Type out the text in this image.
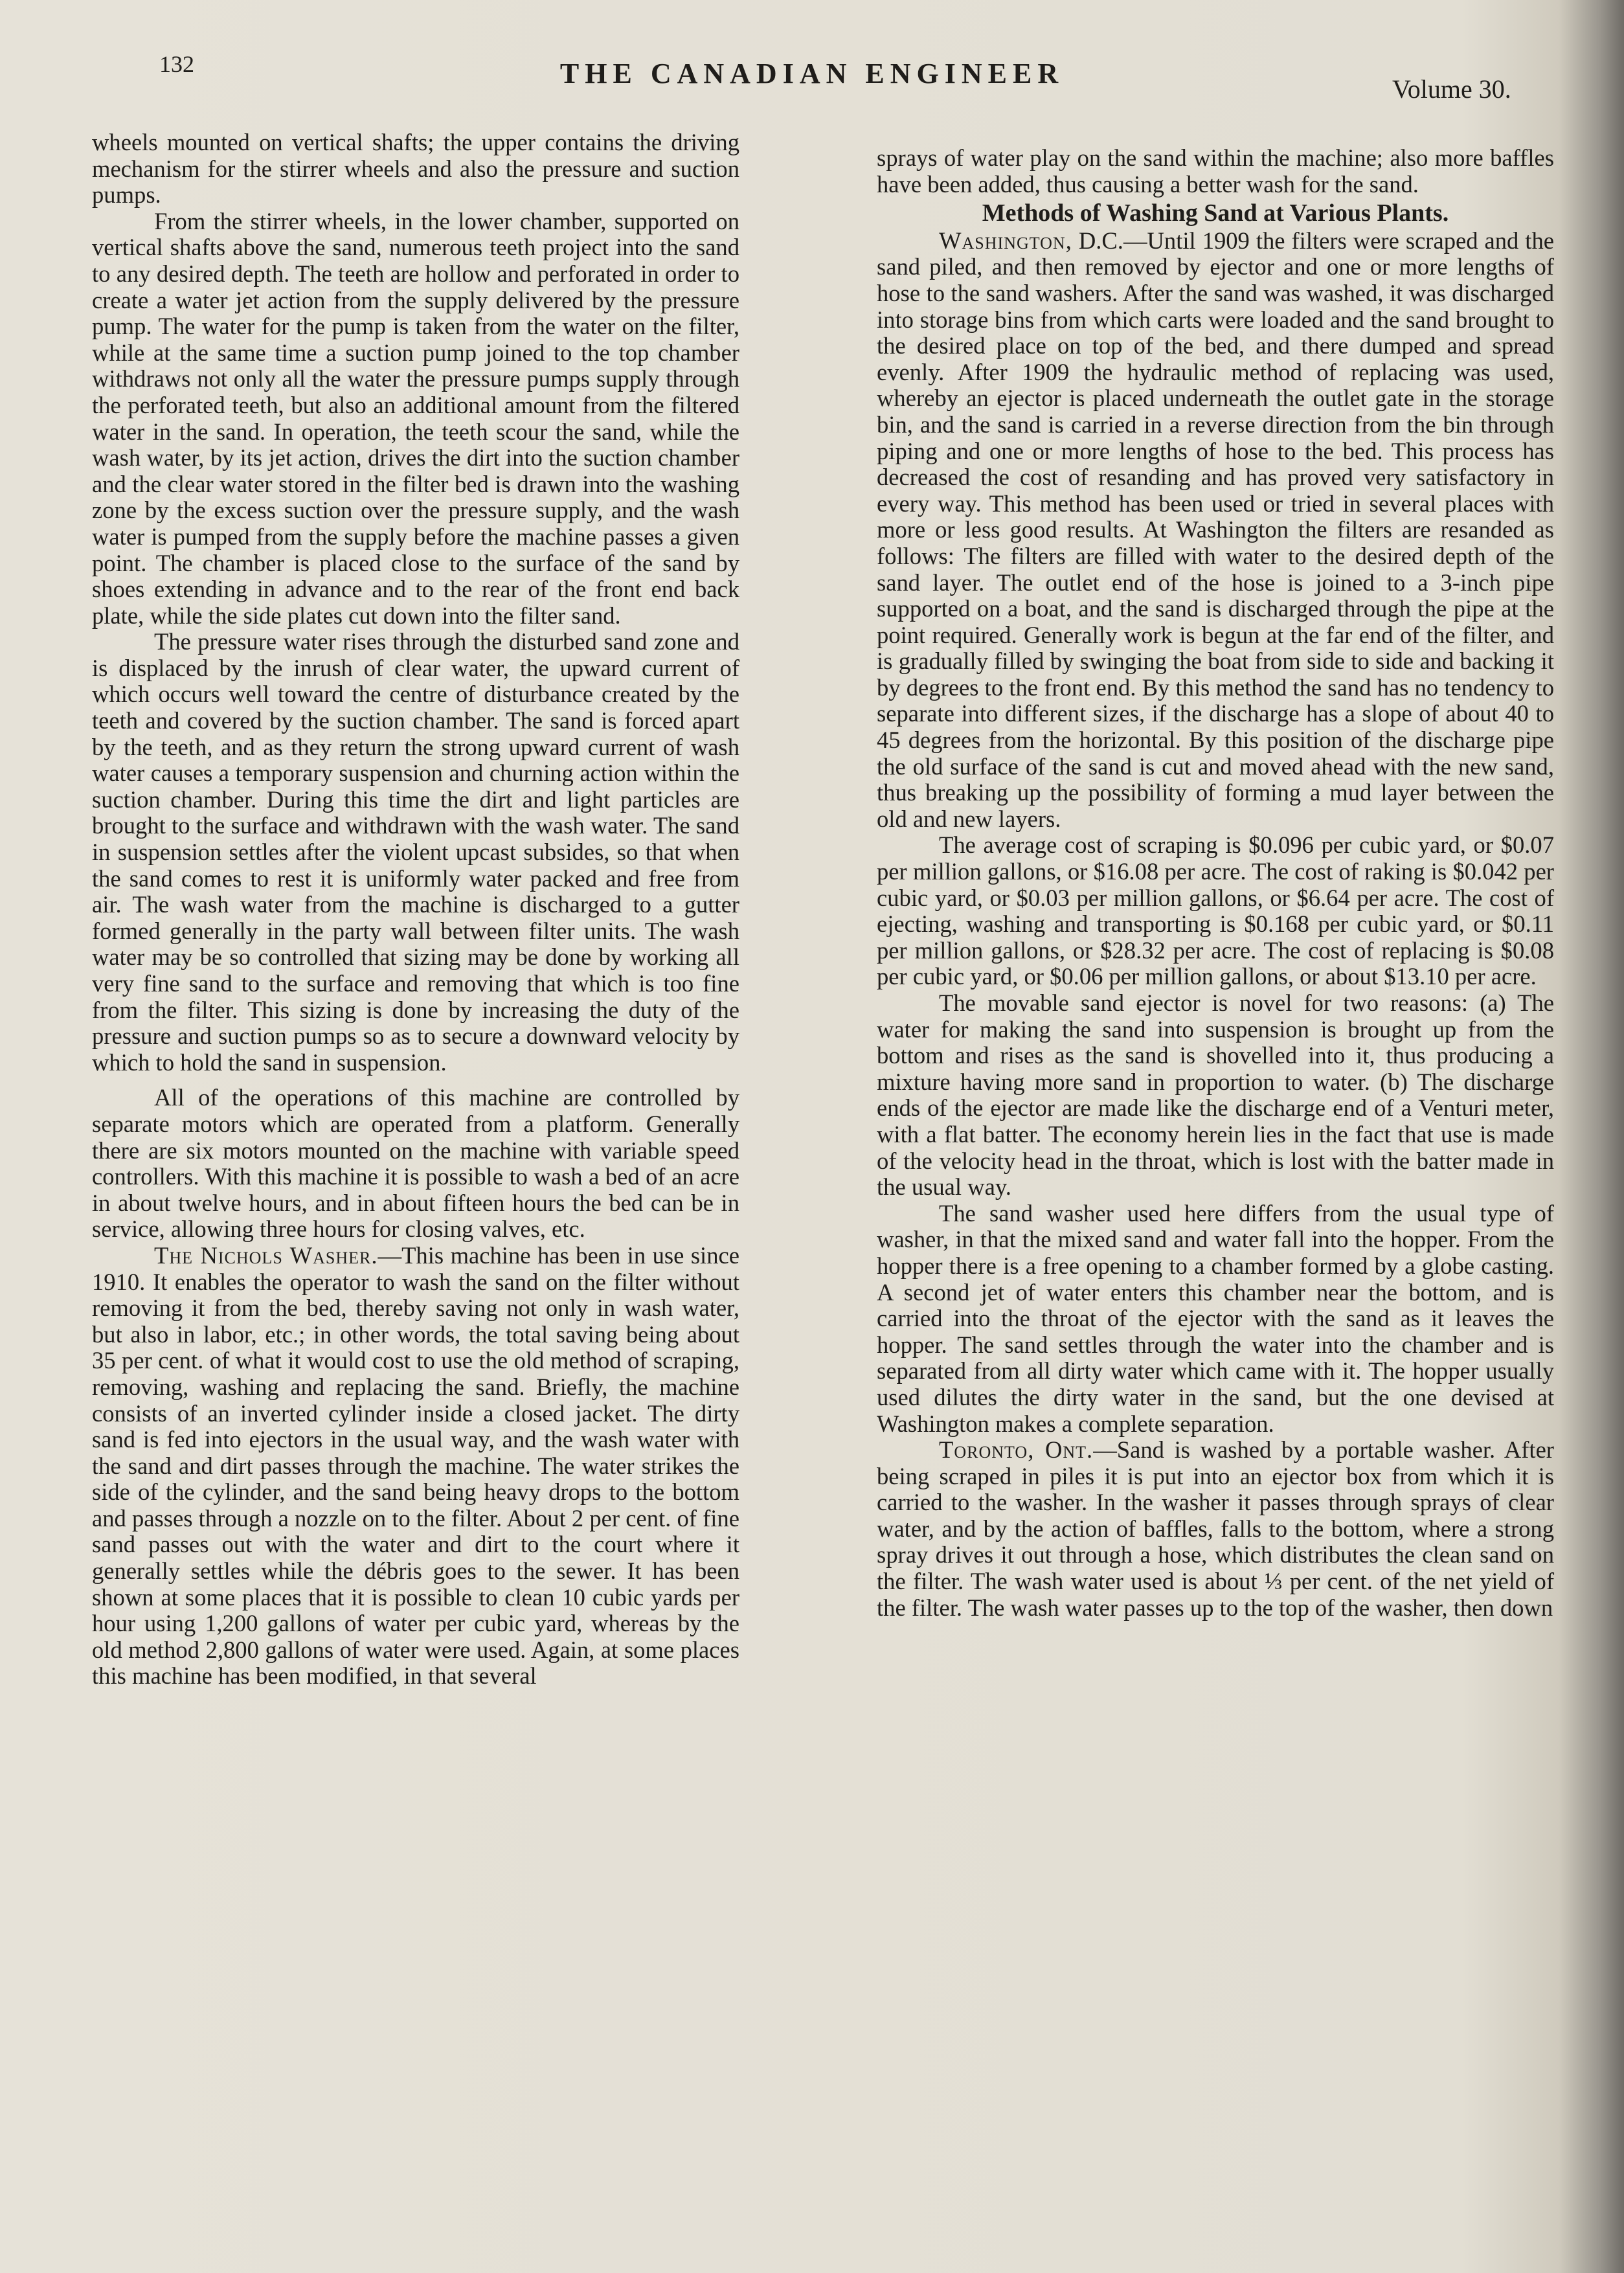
132	THE CANADIAN ENGINEER	Volume 30.

wheels mounted on vertical shafts; the upper contains the driving mechanism for the stirrer wheels and also the pressure and suction pumps.

From the stirrer wheels, in the lower chamber, supported on vertical shafts above the sand, numerous teeth project into the sand to any desired depth. The teeth are hollow and perforated in order to create a water jet action from the supply delivered by the pressure pump. The water for the pump is taken from the water on the filter, while at the same time a suction pump joined to the top chamber withdraws not only all the water the pressure pumps supply through the perforated teeth, but also an additional amount from the filtered water in the sand. In operation, the teeth scour the sand, while the wash water, by its jet action, drives the dirt into the suction chamber and the clear water stored in the filter bed is drawn into the washing zone by the excess suction over the pressure supply, and the wash water is pumped from the supply before the machine passes a given point. The chamber is placed close to the surface of the sand by shoes extending in advance and to the rear of the front end back plate, while the side plates cut down into the filter sand.

The pressure water rises through the disturbed sand zone and is displaced by the inrush of clear water, the upward current of which occurs well toward the centre of disturbance created by the teeth and covered by the suction chamber. The sand is forced apart by the teeth, and as they return the strong upward current of wash water causes a temporary suspension and churning action within the suction chamber. During this time the dirt and light particles are brought to the surface and withdrawn with the wash water. The sand in suspension settles after the violent upcast subsides, so that when the sand comes to rest it is uniformly water packed and free from air. The wash water from the machine is discharged to a gutter formed generally in the party wall between filter units. The wash water may be so controlled that sizing may be done by working all very fine sand to the surface and removing that which is too fine from the filter. This sizing is done by increasing the duty of the pressure and suction pumps so as to secure a downward velocity by which to hold the sand in suspension.

All of the operations of this machine are controlled by separate motors which are operated from a platform. Generally there are six motors mounted on the machine with variable speed controllers. With this machine it is possible to wash a bed of an acre in about twelve hours, and in about fifteen hours the bed can be in service, allowing three hours for closing valves, etc.

The Nichols Washer.—This machine has been in use since 1910. It enables the operator to wash the sand on the filter without removing it from the bed, thereby saving not only in wash water, but also in labor, etc.; in other words, the total saving being about 35 per cent. of what it would cost to use the old method of scraping, removing, washing and replacing the sand. Briefly, the machine consists of an inverted cylinder inside a closed jacket. The dirty sand is fed into ejectors in the usual way, and the wash water with the sand and dirt passes through the machine. The water strikes the side of the cylinder, and the sand being heavy drops to the bottom and passes through a nozzle on to the filter. About 2 per cent. of fine sand passes out with the water and dirt to the court where it generally settles while the débris goes to the sewer. It has been shown at some places that it is possible to clean 10 cubic yards per hour using 1,200 gallons of water per cubic yard, whereas by the old method 2,800 gallons of water were used. Again, at some places this machine has been modified, in that several

sprays of water play on the sand within the machine; also more baffles have been added, thus causing a better wash for the sand.

Methods of Washing Sand at Various Plants.

Washington, D.C.—Until 1909 the filters were scraped and the sand piled, and then removed by ejector and one or more lengths of hose to the sand washers. After the sand was washed, it was discharged into storage bins from which carts were loaded and the sand brought to the desired place on top of the bed, and there dumped and spread evenly. After 1909 the hydraulic method of replacing was used, whereby an ejector is placed underneath the outlet gate in the storage bin, and the sand is carried in a reverse direction from the bin through piping and one or more lengths of hose to the bed. This process has decreased the cost of resanding and has proved very satisfactory in every way. This method has been used or tried in several places with more or less good results. At Washington the filters are resanded as follows: The filters are filled with water to the desired depth of the sand layer. The outlet end of the hose is joined to a 3-inch pipe supported on a boat, and the sand is discharged through the pipe at the point required. Generally work is begun at the far end of the filter, and is gradually filled by swinging the boat from side to side and backing it by degrees to the front end. By this method the sand has no tendency to separate into different sizes, if the discharge has a slope of about 40 to 45 degrees from the horizontal. By this position of the discharge pipe the old surface of the sand is cut and moved ahead with the new sand, thus breaking up the possibility of forming a mud layer between the old and new layers.

The average cost of scraping is $0.096 per cubic yard, or $0.07 per million gallons, or $16.08 per acre. The cost of raking is $0.042 per cubic yard, or $0.03 per million gallons, or $6.64 per acre. The cost of ejecting, washing and transporting is $0.168 per cubic yard, or $0.11 per million gallons, or $28.32 per acre. The cost of replacing is $0.08 per cubic yard, or $0.06 per million gallons, or about $13.10 per acre.

The movable sand ejector is novel for two reasons: (a) The water for making the sand into suspension is brought up from the bottom and rises as the sand is shovelled into it, thus producing a mixture having more sand in proportion to water. (b) The discharge ends of the ejector are made like the discharge end of a Venturi meter, with a flat batter. The economy herein lies in the fact that use is made of the velocity head in the throat, which is lost with the batter made in the usual way.

The sand washer used here differs from the usual type of washer, in that the mixed sand and water fall into the hopper. From the hopper there is a free opening to a chamber formed by a globe casting. A second jet of water enters this chamber near the bottom, and is carried into the throat of the ejector with the sand as it leaves the hopper. The sand settles through the water into the chamber and is separated from all dirty water which came with it. The hopper usually used dilutes the dirty water in the sand, but the one devised at Washington makes a complete separation.

Toronto, Ont.—Sand is washed by a portable washer. After being scraped in piles it is put into an ejector box from which it is carried to the washer. In the washer it passes through sprays of clear water, and by the action of baffles, falls to the bottom, where a strong spray drives it out through a hose, which distributes the clean sand on the filter. The wash water used is about ⅓ per cent. of the net yield of the filter. The wash water passes up to the top of the washer, then down
